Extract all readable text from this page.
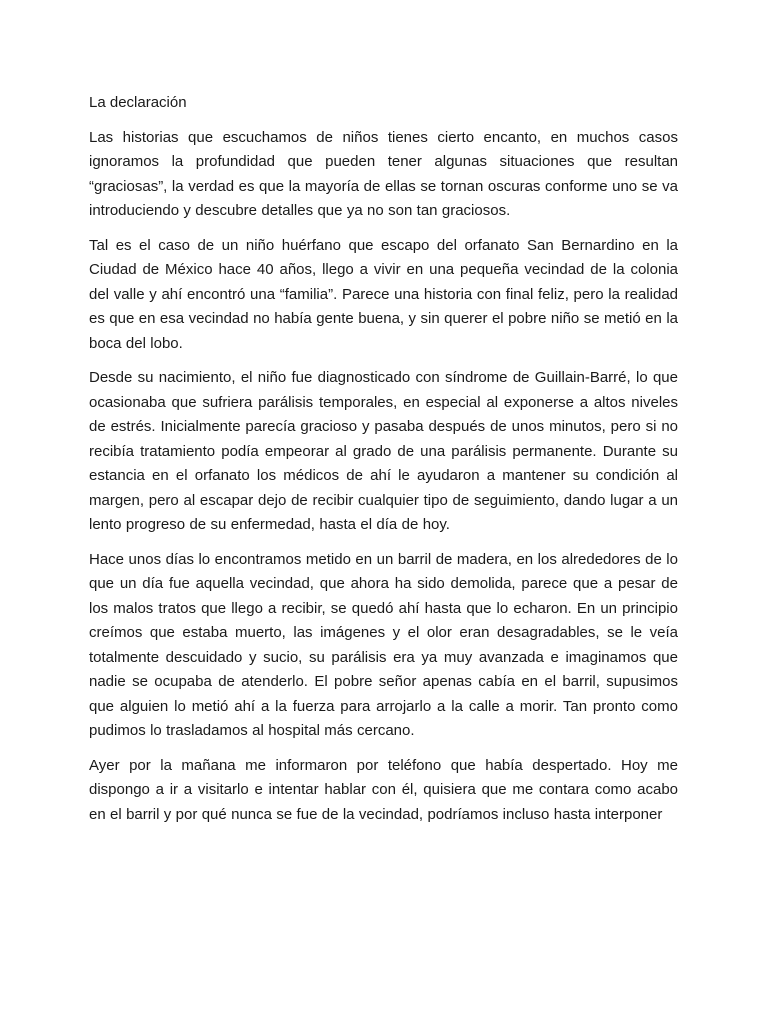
La declaración

Las historias que escuchamos de niños tienes cierto encanto, en muchos casos ignoramos la profundidad que pueden tener algunas situaciones que resultan “graciosas”, la verdad es que la mayoría de ellas se tornan oscuras conforme uno se va introduciendo y descubre detalles que ya no son tan graciosos.

Tal es el caso de un niño huérfano que escapo del orfanato San Bernardino en la Ciudad de México hace 40 años, llego a vivir en una pequeña vecindad de la colonia del valle y ahí encontró una “familia”. Parece una historia con final feliz, pero la realidad es que en esa vecindad no había gente buena, y sin querer el pobre niño se metió en la boca del lobo.

Desde su nacimiento, el niño fue diagnosticado con síndrome de Guillain-Barré, lo que ocasionaba que sufriera parálisis temporales, en especial al exponerse a altos niveles de estrés. Inicialmente parecía gracioso y pasaba después de unos minutos, pero si no recibía tratamiento podía empeorar al grado de una parálisis permanente. Durante su estancia en el orfanato los médicos de ahí le ayudaron a mantener su condición al margen, pero al escapar dejo de recibir cualquier tipo de seguimiento, dando lugar a un lento progreso de su enfermedad, hasta el día de hoy.

Hace unos días lo encontramos metido en un barril de madera, en los alrededores de lo que un día fue aquella vecindad, que ahora ha sido demolida, parece que a pesar de los malos tratos que llego a recibir, se quedó ahí hasta que lo echaron. En un principio creímos que estaba muerto, las imágenes y el olor eran desagradables, se le veía totalmente descuidado y sucio, su parálisis era ya muy avanzada e imaginamos que nadie se ocupaba de atenderlo. El pobre señor apenas cabía en el barril, supusimos que alguien lo metió ahí a la fuerza para arrojarlo a la calle a morir. Tan pronto como pudimos lo trasladamos al hospital más cercano.

Ayer por la mañana me informaron por teléfono que había despertado. Hoy me dispongo a ir a visitarlo e intentar hablar con él, quisiera que me contara como acabo en el barril y por qué nunca se fue de la vecindad, podríamos incluso hasta interponer
